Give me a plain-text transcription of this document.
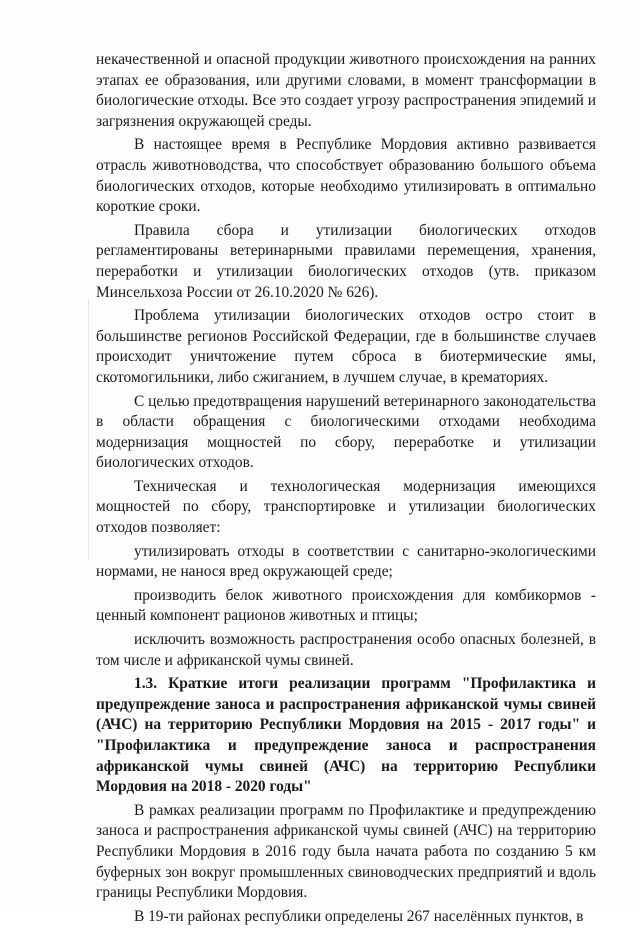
некачественной и опасной продукции животного происхождения на ранних этапах ее образования, или другими словами, в момент трансформации в биологические отходы. Все это создает угрозу распространения эпидемий и загрязнения окружающей среды.

В настоящее время в Республике Мордовия активно развивается отрасль животноводства, что способствует образованию большого объема биологических отходов, которые необходимо утилизировать в оптимально короткие сроки.

Правила сбора и утилизации биологических отходов регламентированы ветеринарными правилами перемещения, хранения, переработки и утилизации биологических отходов (утв. приказом Минсельхоза России от 26.10.2020 № 626).

Проблема утилизации биологических отходов остро стоит в большинстве регионов Российской Федерации, где в большинстве случаев происходит уничтожение путем сброса в биотермические ямы, скотомогильники, либо сжиганием, в лучшем случае, в крематориях.

С целью предотвращения нарушений ветеринарного законодательства в области обращения с биологическими отходами необходима модернизация мощностей по сбору, переработке и утилизации биологических отходов.

Техническая и технологическая модернизация имеющихся мощностей по сбору, транспортировке и утилизации биологических отходов позволяет:

утилизировать отходы в соответствии с санитарно-экологическими нормами, не нанося вред окружающей среде;

производить белок животного происхождения для комбикормов - ценный компонент рационов животных и птицы;

исключить возможность распространения особо опасных болезней, в том числе и африканской чумы свиней.

1.3. Краткие итоги реализации программ "Профилактика и предупреждение заноса и распространения африканской чумы свиней (АЧС) на территорию Республики Мордовия на 2015 - 2017 годы" и "Профилактика и предупреждение заноса и распространения африканской чумы свиней (АЧС) на территорию Республики Мордовия на 2018 - 2020 годы"

В рамках реализации программ по Профилактике и предупреждению заноса и распространения африканской чумы свиней (АЧС) на территорию Республики Мордовия в 2016 году была начата работа по созданию 5 км буферных зон вокруг промышленных свиноводческих предприятий и вдоль границы Республики Мордовия.

В 19-ти районах республики определены 267 населённых пунктов, в
